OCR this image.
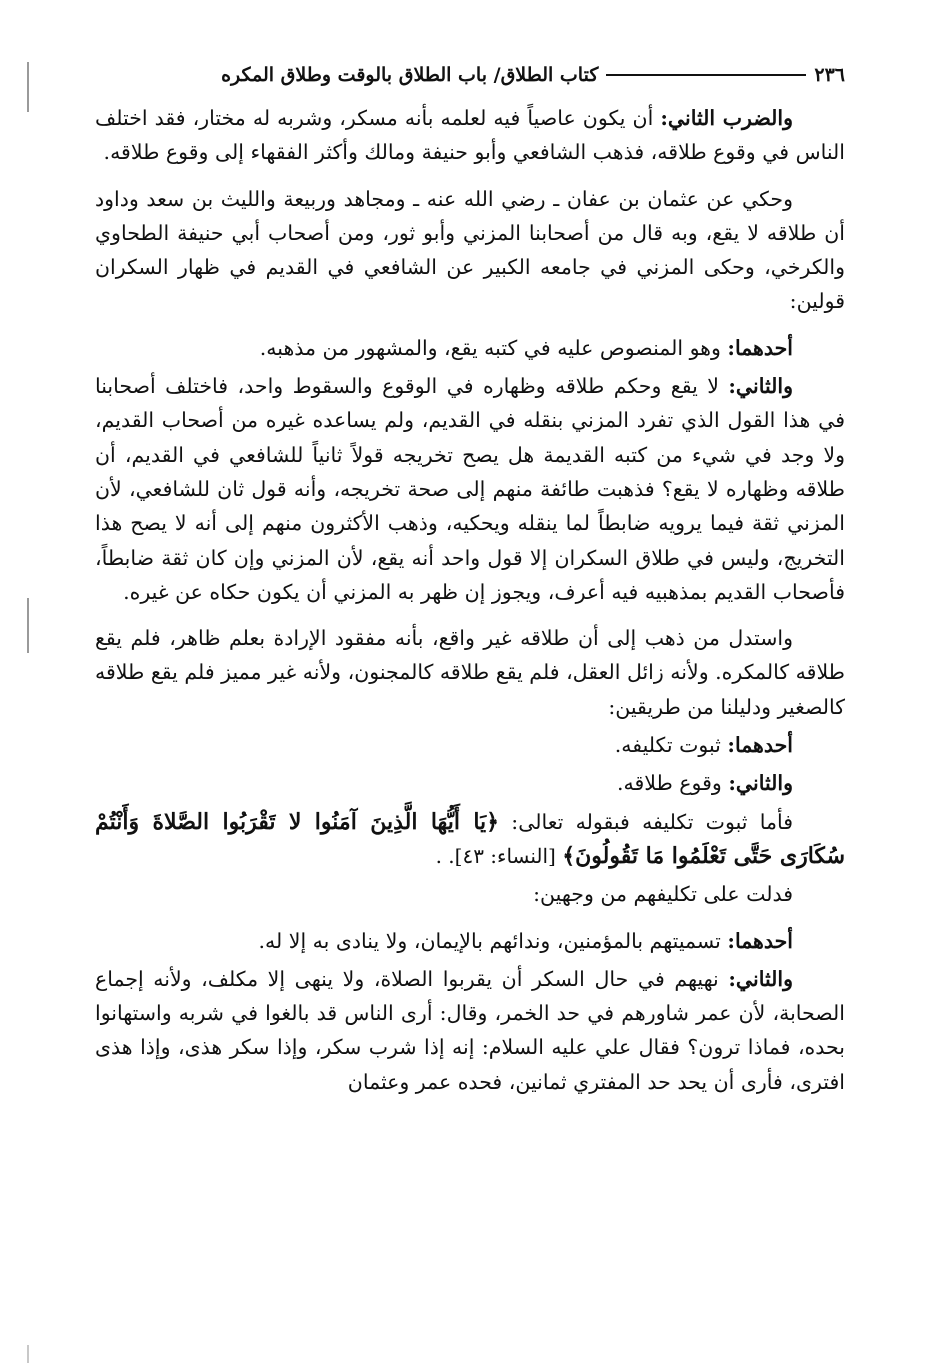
٢٣٦
كتاب الطلاق/ باب الطلاق بالوقت وطلاق المكره

والضرب الثاني: أن يكون عاصياً فيه لعلمه بأنه مسكر، وشربه له مختار، فقد اختلف الناس في وقوع طلاقه، فذهب الشافعي وأبو حنيفة ومالك وأكثر الفقهاء إلى وقوع طلاقه.

وحكي عن عثمان بن عفان ـ رضي الله عنه ـ ومجاهد وربيعة والليث بن سعد وداود أن طلاقه لا يقع، وبه قال من أصحابنا المزني وأبو ثور، ومن أصحاب أبي حنيفة الطحاوي والكرخي، وحكى المزني في جامعه الكبير عن الشافعي في القديم في ظهار السكران قولين:

أحدهما: وهو المنصوص عليه في كتبه يقع، والمشهور من مذهبه.

والثاني: لا يقع وحكم طلاقه وظهاره في الوقوع والسقوط واحد، فاختلف أصحابنا في هذا القول الذي تفرد المزني بنقله في القديم، ولم يساعده غيره من أصحاب القديم، ولا وجد في شيء من كتبه القديمة هل يصح تخريجه قولاً ثانياً للشافعي في القديم، أن طلاقه وظهاره لا يقع؟ فذهبت طائفة منهم إلى صحة تخريجه، وأنه قول ثان للشافعي، لأن المزني ثقة فيما يرويه ضابطاً لما ينقله ويحكيه، وذهب الأكثرون منهم إلى أنه لا يصح هذا التخريج، وليس في طلاق السكران إلا قول واحد أنه يقع، لأن المزني وإن كان ثقة ضابطاً، فأصحاب القديم بمذهبيه فيه أعرف، ويجوز إن ظهر به المزني أن يكون حكاه عن غيره.

واستدل من ذهب إلى أن طلاقه غير واقع، بأنه مفقود الإرادة بعلم ظاهر، فلم يقع طلاقه كالمكره. ولأنه زائل العقل، فلم يقع طلاقه كالمجنون، ولأنه غير مميز فلم يقع طلاقه كالصغير ودليلنا من طريقين:

أحدهما: ثبوت تكليفه.

والثاني: وقوع طلاقه.

فأما ثبوت تكليفه فبقوله تعالى: ﴿يَا أَيُّهَا الَّذِينَ آمَنُوا لا تَقْرَبُوا الصَّلاةَ وَأَنْتُمْ سُكَارَى حَتَّى تَعْلَمُوا مَا تَقُولُونَ﴾ [النساء: ٤٣]. .

فدلت على تكليفهم من وجهين:

أحدهما: تسميتهم بالمؤمنين، وندائهم بالإيمان، ولا ينادى به إلا له.

والثاني: نهيهم في حال السكر أن يقربوا الصلاة، ولا ينهى إلا مكلف، ولأنه إجماع الصحابة، لأن عمر شاورهم في حد الخمر، وقال: أرى الناس قد بالغوا في شربه واستهانوا بحده، فماذا ترون؟ فقال علي عليه السلام: إنه إذا شرب سكر، وإذا سكر هذى، وإذا هذى افترى، فأرى أن يحد حد المفتري ثمانين، فحده عمر وعثمان
